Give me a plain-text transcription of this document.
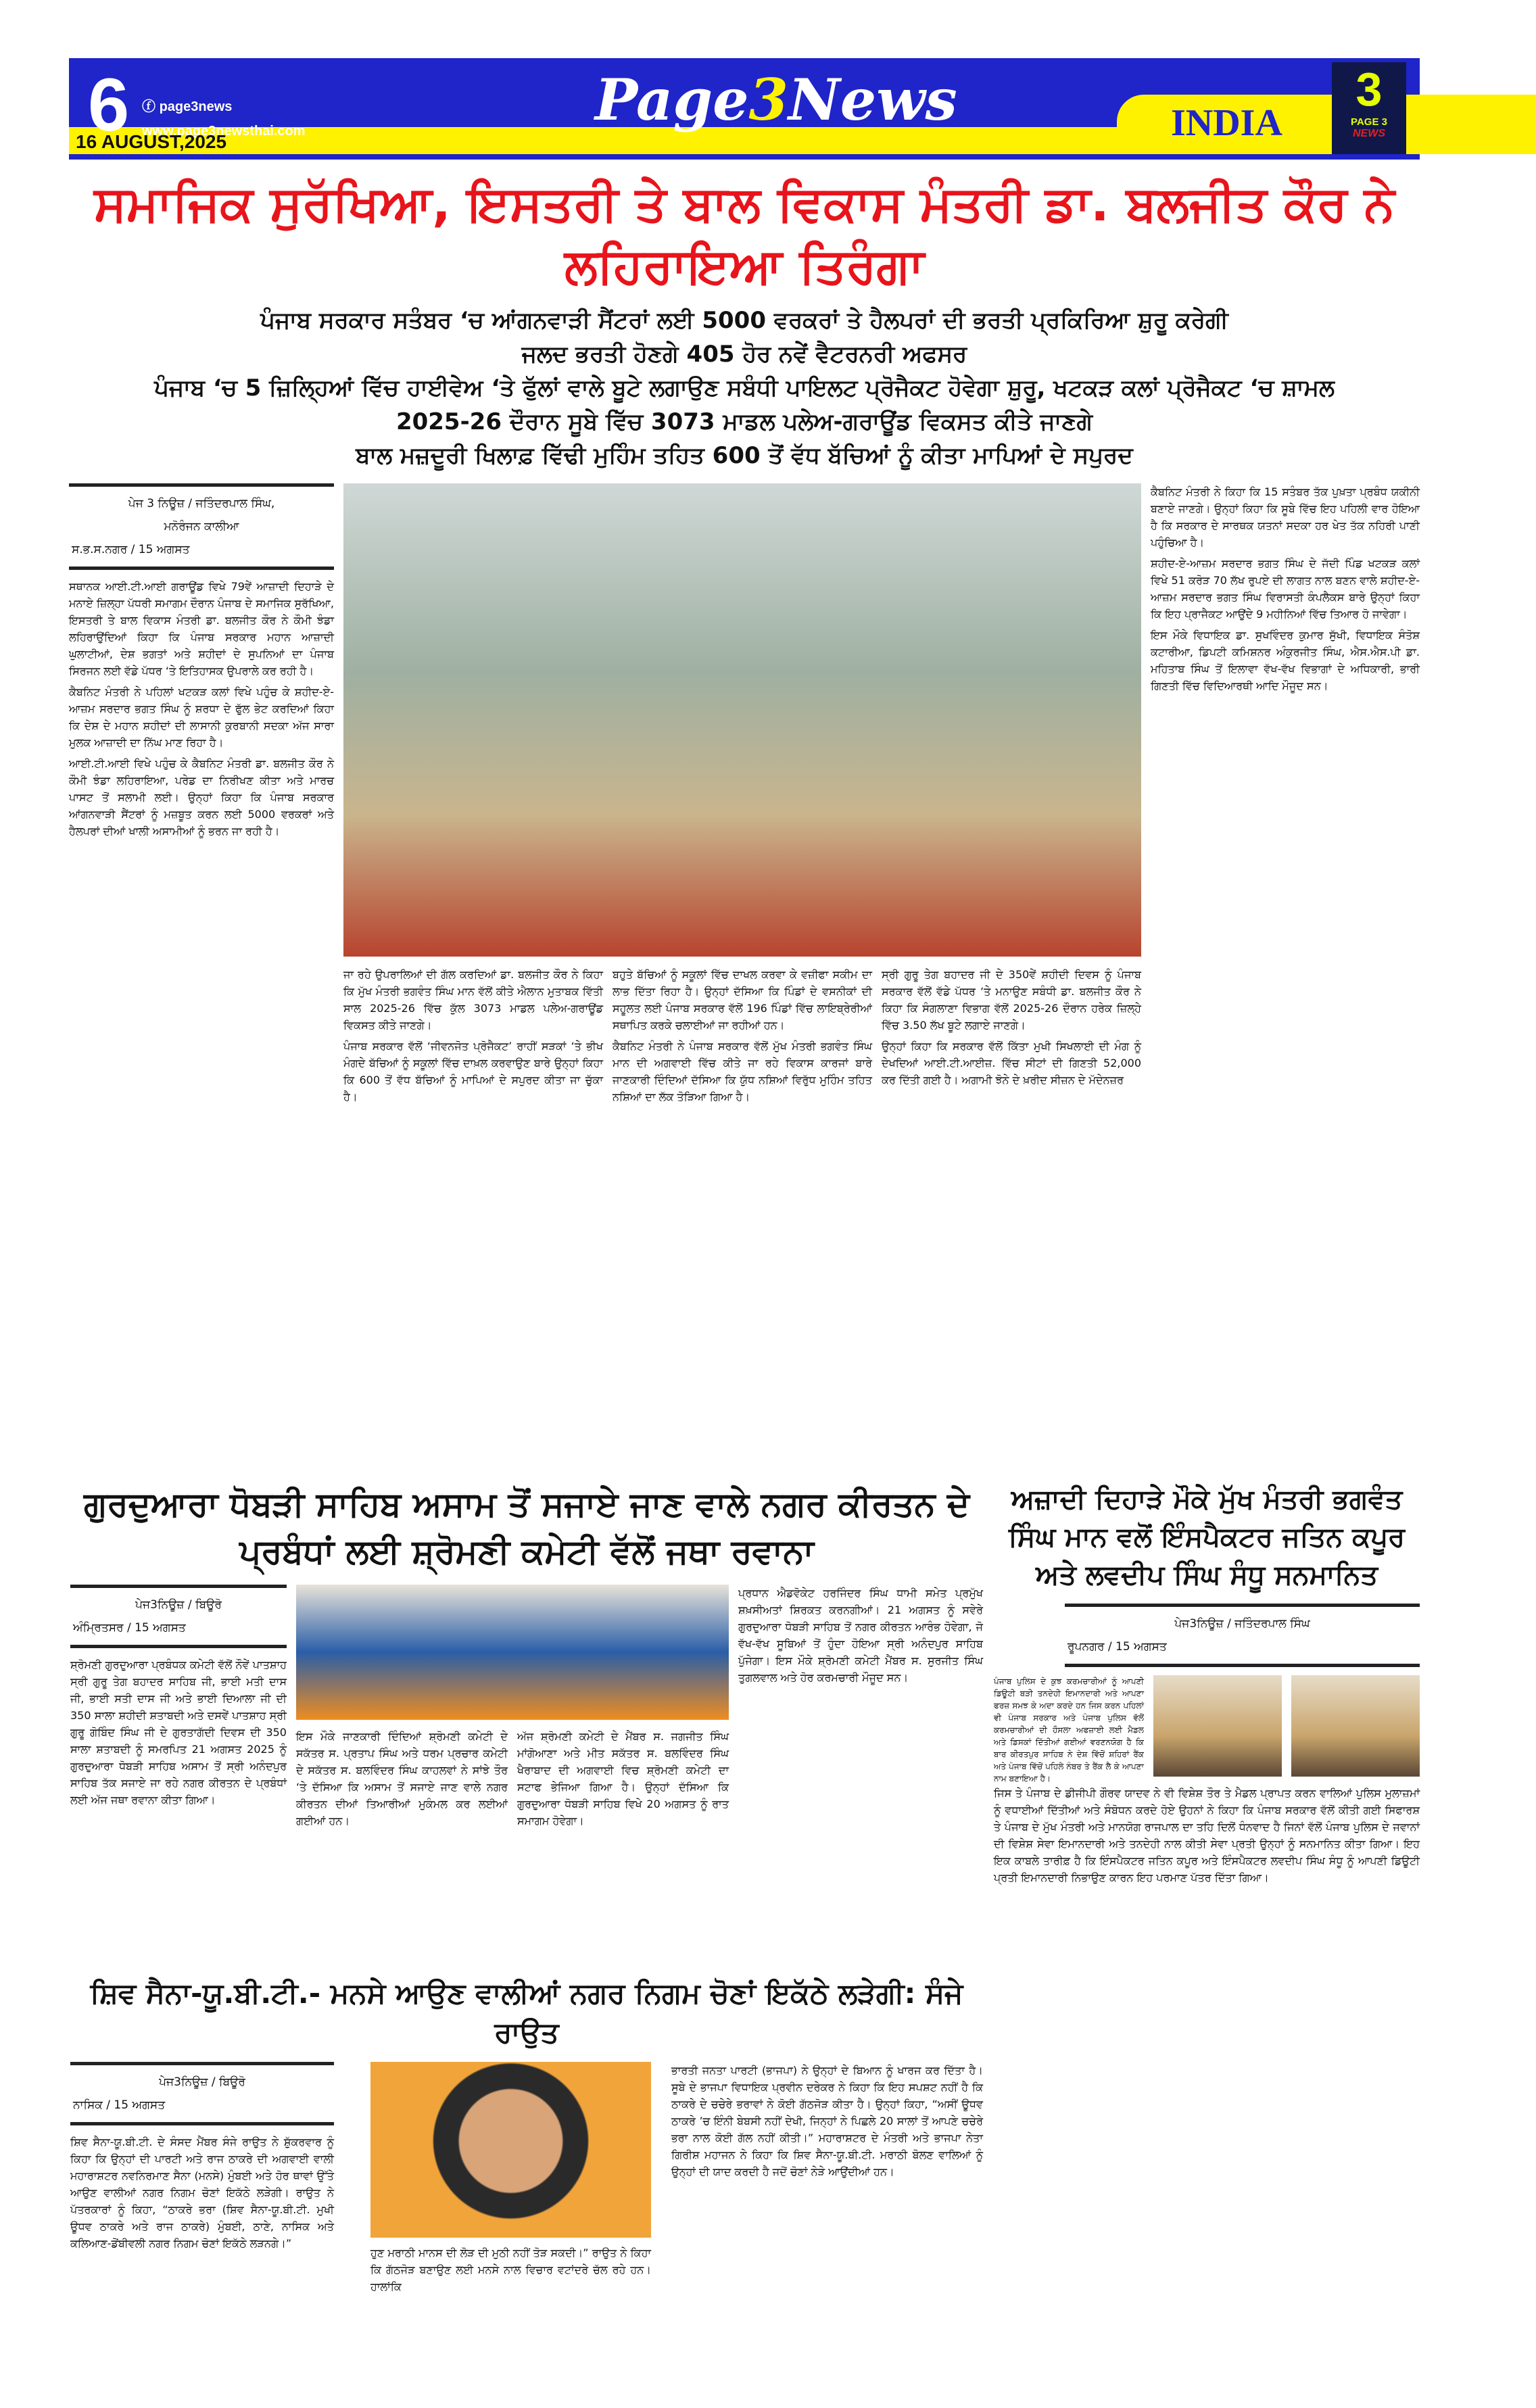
6 ⓕ page3news
www.page3newsthai.com
16 AUGUST,2025
Page3News	INDIA
3
PAGE 3
NEWS
ਸਮਾਜਿਕ ਸੁਰੱਖਿਆ, ਇਸਤਰੀ ਤੇ ਬਾਲ ਵਿਕਾਸ ਮੰਤਰੀ ਡਾ. ਬਲਜੀਤ ਕੌਰ ਨੇ ਲਹਿਰਾਇਆ ਤਿਰੰਗਾ
ਪੰਜਾਬ ਸਰਕਾਰ ਸਤੰਬਰ ‘ਚ ਆਂਗਨਵਾੜੀ ਸੈਂਟਰਾਂ ਲਈ 5000 ਵਰਕਰਾਂ ਤੇ ਹੈਲਪਰਾਂ ਦੀ ਭਰਤੀ ਪ੍ਰਕਿਰਿਆ ਸ਼ੁਰੂ ਕਰੇਗੀ
ਜਲਦ ਭਰਤੀ ਹੋਣਗੇ 405 ਹੋਰ ਨਵੇਂ ਵੈਟਰਨਰੀ ਅਫਸਰ
ਪੰਜਾਬ ‘ਚ 5 ਜ਼ਿਲ੍ਹਿਆਂ ਵਿੱਚ ਹਾਈਵੇਅ ‘ਤੇ ਫੁੱਲਾਂ ਵਾਲੇ ਬੂਟੇ ਲਗਾਉਣ ਸਬੰਧੀ ਪਾਇਲਟ ਪ੍ਰੋਜੈਕਟ ਹੋਵੇਗਾ ਸ਼ੁਰੂ, ਖਟਕੜ ਕਲਾਂ ਪ੍ਰੋਜੈਕਟ ‘ਚ ਸ਼ਾਮਲ
2025-26 ਦੌਰਾਨ ਸੂਬੇ ਵਿੱਚ 3073 ਮਾਡਲ ਪਲੇਅ-ਗਰਾਊਂਡ ਵਿਕਸਤ ਕੀਤੇ ਜਾਣਗੇ
ਬਾਲ ਮਜ਼ਦੂਰੀ ਖਿਲਾਫ਼ ਵਿੱਢੀ ਮੁਹਿੰਮ ਤਹਿਤ 600 ਤੋਂ ਵੱਧ ਬੱਚਿਆਂ ਨੂੰ ਕੀਤਾ ਮਾਪਿਆਂ ਦੇ ਸਪੁਰਦ
ਪੇਜ 3 ਨਿਊਜ਼ / ਜਤਿੰਦਰਪਾਲ ਸਿੰਘ,
ਮਨੋਰੰਜਨ ਕਾਲੀਆ
ਸ.ਭ.ਸ.ਨਗਰ / 15 ਅਗਸਤ

ਸਥਾਨਕ ਆਈ.ਟੀ.ਆਈ ਗਰਾਊਂਡ ਵਿਖੇ 79ਵੇਂ ਆਜ਼ਾਦੀ ਦਿਹਾੜੇ ਦੇ ਮਨਾਏ ਜ਼ਿਲ੍ਹਾ ਪੱਧਰੀ ਸਮਾਗਮ ਦੌਰਾਨ ਪੰਜਾਬ ਦੇ ਸਮਾਜਿਕ ਸੁਰੱਖਿਆ, ਇਸਤਰੀ ਤੇ ਬਾਲ ਵਿਕਾਸ ਮੰਤਰੀ ਡਾ. ਬਲਜੀਤ ਕੌਰ ਨੇ ਕੌਮੀ ਝੰਡਾ ਲਹਿਰਾਉਂਦਿਆਂ ਕਿਹਾ ਕਿ ਪੰਜਾਬ ਸਰਕਾਰ ਮਹਾਨ ਆਜ਼ਾਦੀ ਘੁਲਾਟੀਆਂ, ਦੇਸ਼ ਭਗਤਾਂ ਅਤੇ ਸ਼ਹੀਦਾਂ ਦੇ ਸੁਪਨਿਆਂ ਦਾ ਪੰਜਾਬ ਸਿਰਜਨ ਲਈ ਵੱਡੇ ਪੱਧਰ ‘ਤੇ ਇਤਿਹਾਸਕ ਉਪਰਾਲੇ ਕਰ ਰਹੀ ਹੈ।

ਕੈਬਨਿਟ ਮੰਤਰੀ ਨੇ ਪਹਿਲਾਂ ਖਟਕੜ ਕਲਾਂ ਵਿਖੇ ਪਹੁੰਚ ਕੇ ਸ਼ਹੀਦ-ਏ-ਆਜ਼ਮ ਸਰਦਾਰ ਭਗਤ ਸਿੰਘ ਨੂੰ ਸ਼ਰਧਾ ਦੇ ਫੁੱਲ ਭੇਟ ਕਰਦਿਆਂ ਕਿਹਾ ਕਿ ਦੇਸ਼ ਦੇ ਮਹਾਨ ਸ਼ਹੀਦਾਂ ਦੀ ਲਾਸਾਨੀ ਕੁਰਬਾਨੀ ਸਦਕਾ ਅੱਜ ਸਾਰਾ ਮੁਲਕ ਆਜ਼ਾਦੀ ਦਾ ਨਿੱਘ ਮਾਣ ਰਿਹਾ ਹੈ।

ਆਈ.ਟੀ.ਆਈ ਵਿਖੇ ਪਹੁੰਚ ਕੇ ਕੈਬਨਿਟ ਮੰਤਰੀ ਡਾ. ਬਲਜੀਤ ਕੌਰ ਨੇ ਕੌਮੀ ਝੰਡਾ ਲਹਿਰਾਇਆ, ਪਰੇਡ ਦਾ ਨਿਰੀਖਣ ਕੀਤਾ ਅਤੇ ਮਾਰਚ ਪਾਸਟ ਤੋਂ ਸਲਾਮੀ ਲਈ। ਉਨ੍ਹਾਂ ਕਿਹਾ ਕਿ ਪੰਜਾਬ ਸਰਕਾਰ ਆਂਗਨਵਾੜੀ ਸੈਂਟਰਾਂ ਨੂੰ ਮਜ਼ਬੂਤ ਕਰਨ ਲਈ 5000 ਵਰਕਰਾਂ ਅਤੇ ਹੈਲਪਰਾਂ ਦੀਆਂ ਖਾਲੀ ਅਸਾਮੀਆਂ ਨੂੰ ਭਰਨ ਜਾ ਰਹੀ ਹੈ।

ਜਾ ਰਹੇ ਉਪਰਾਲਿਆਂ ਦੀ ਗੱਲ ਕਰਦਿਆਂ ਡਾ. ਬਲਜੀਤ ਕੌਰ ਨੇ ਕਿਹਾ ਕਿ ਮੁੱਖ ਮੰਤਰੀ ਭਗਵੰਤ ਸਿੰਘ ਮਾਨ ਵੱਲੋਂ ਕੀਤੇ ਐਲਾਨ ਮੁਤਾਬਕ ਵਿੱਤੀ ਸਾਲ 2025-26 ਵਿੱਚ ਕੁੱਲ 3073 ਮਾਡਲ ਪਲੇਅ-ਗਰਾਊਂਡ ਵਿਕਸਤ ਕੀਤੇ ਜਾਣਗੇ।

ਪੰਜਾਬ ਸਰਕਾਰ ਵੱਲੋਂ ‘ਜੀਵਨਜੋਤ ਪ੍ਰੋਜੈਕਟ’ ਰਾਹੀਂ ਸੜਕਾਂ ‘ਤੇ ਭੀਖ ਮੰਗਦੇ ਬੱਚਿਆਂ ਨੂੰ ਸਕੂਲਾਂ ਵਿੱਚ ਦਾਖ਼ਲ ਕਰਵਾਉਣ ਬਾਰੇ ਉਨ੍ਹਾਂ ਕਿਹਾ ਕਿ 600 ਤੋਂ ਵੱਧ ਬੱਚਿਆਂ ਨੂੰ ਮਾਪਿਆਂ ਦੇ ਸਪੁਰਦ ਕੀਤਾ ਜਾ ਚੁੱਕਾ ਹੈ।

ਬਹੁਤੇ ਬੱਚਿਆਂ ਨੂੰ ਸਕੂਲਾਂ ਵਿੱਚ ਦਾਖਲ ਕਰਵਾ ਕੇ ਵਜ਼ੀਫਾ ਸਕੀਮ ਦਾ ਲਾਭ ਦਿੱਤਾ ਰਿਹਾ ਹੈ। ਉਨ੍ਹਾਂ ਦੱਸਿਆ ਕਿ ਪਿੰਡਾਂ ਦੇ ਵਸਨੀਕਾਂ ਦੀ ਸਹੂਲਤ ਲਈ ਪੰਜਾਬ ਸਰਕਾਰ ਵੱਲੋਂ 196 ਪਿੰਡਾਂ ਵਿੱਚ ਲਾਇਬ੍ਰੇਰੀਆਂ ਸਥਾਪਿਤ ਕਰਕੇ ਚਲਾਈਆਂ ਜਾ ਰਹੀਆਂ ਹਨ।

ਕੈਬਨਿਟ ਮੰਤਰੀ ਨੇ ਪੰਜਾਬ ਸਰਕਾਰ ਵੱਲੋਂ ਮੁੱਖ ਮੰਤਰੀ ਭਗਵੰਤ ਸਿੰਘ ਮਾਨ ਦੀ ਅਗਵਾਈ ਵਿੱਚ ਕੀਤੇ ਜਾ ਰਹੇ ਵਿਕਾਸ ਕਾਰਜਾਂ ਬਾਰੇ ਜਾਣਕਾਰੀ ਦਿੰਦਿਆਂ ਦੱਸਿਆ ਕਿ ਯੁੱਧ ਨਸ਼ਿਆਂ ਵਿਰੁੱਧ ਮੁਹਿੰਮ ਤਹਿਤ ਨਸ਼ਿਆਂ ਦਾ ਲੱਕ ਤੋੜਿਆ ਗਿਆ ਹੈ।

ਸ੍ਰੀ ਗੁਰੂ ਤੇਗ ਬਹਾਦਰ ਜੀ ਦੇ 350ਵੇਂ ਸ਼ਹੀਦੀ ਦਿਵਸ ਨੂੰ ਪੰਜਾਬ ਸਰਕਾਰ ਵੱਲੋਂ ਵੱਡੇ ਪੱਧਰ ‘ਤੇ ਮਨਾਉਣ ਸਬੰਧੀ ਡਾ. ਬਲਜੀਤ ਕੌਰ ਨੇ ਕਿਹਾ ਕਿ ਸੰਗਲਾਣਾ ਵਿਭਾਗ ਵੱਲੋਂ 2025-26 ਦੌਰਾਨ ਹਰੇਕ ਜ਼ਿਲ੍ਹੇ ਵਿੱਚ 3.50 ਲੱਖ ਬੂਟੇ ਲਗਾਏ ਜਾਣਗੇ।

ਉਨ੍ਹਾਂ ਕਿਹਾ ਕਿ ਸਰਕਾਰ ਵੱਲੋਂ ਕਿੱਤਾ ਮੁਖੀ ਸਿਖਲਾਈ ਦੀ ਮੰਗ ਨੂੰ ਦੇਖਦਿਆਂ ਆਈ.ਟੀ.ਆਈਜ਼. ਵਿੱਚ ਸੀਟਾਂ ਦੀ ਗਿਣਤੀ 52,000 ਕਰ ਦਿੱਤੀ ਗਈ ਹੈ। ਅਗਾਮੀ ਝੋਨੇ ਦੇ ਖ਼ਰੀਦ ਸੀਜ਼ਨ ਦੇ ਮੱਦੇਨਜ਼ਰ

ਕੈਬਨਿਟ ਮੰਤਰੀ ਨੇ ਕਿਹਾ ਕਿ 15 ਸਤੰਬਰ ਤੱਕ ਪੁਖ਼ਤਾ ਪ੍ਰਬੰਧ ਯਕੀਨੀ ਬਣਾਏ ਜਾਣਗੇ। ਉਨ੍ਹਾਂ ਕਿਹਾ ਕਿ ਸੂਬੇ ਵਿੱਚ ਇਹ ਪਹਿਲੀ ਵਾਰ ਹੋਇਆ ਹੈ ਕਿ ਸਰਕਾਰ ਦੇ ਸਾਰਥਕ ਯਤਨਾਂ ਸਦਕਾ ਹਰ ਖੇਤ ਤੱਕ ਨਹਿਰੀ ਪਾਣੀ ਪਹੁੰਚਿਆ ਹੈ।

ਸ਼ਹੀਦ-ਏ-ਆਜ਼ਮ ਸਰਦਾਰ ਭਗਤ ਸਿੰਘ ਦੇ ਜੱਦੀ ਪਿੰਡ ਖਟਕੜ ਕਲਾਂ ਵਿਖੇ 51 ਕਰੋੜ 70 ਲੱਖ ਰੁਪਏ ਦੀ ਲਾਗਤ ਨਾਲ ਬਣਨ ਵਾਲੇ ਸ਼ਹੀਦ-ਏ-ਆਜ਼ਮ ਸਰਦਾਰ ਭਗਤ ਸਿੰਘ ਵਿਰਾਸਤੀ ਕੰਪਲੈਕਸ ਬਾਰੇ ਉਨ੍ਹਾਂ ਕਿਹਾ ਕਿ ਇਹ ਪ੍ਰਾਜੈਕਟ ਆਉਂਦੇ 9 ਮਹੀਨਿਆਂ ਵਿੱਚ ਤਿਆਰ ਹੋ ਜਾਵੇਗਾ।

ਇਸ ਮੌਕੇ ਵਿਧਾਇਕ ਡਾ. ਸੁਖਵਿੰਦਰ ਕੁਮਾਰ ਸੁੱਖੀ, ਵਿਧਾਇਕ ਸੰਤੋਸ਼ ਕਟਾਰੀਆ, ਡਿਪਟੀ ਕਮਿਸ਼ਨਰ ਅੰਕੁਰਜੀਤ ਸਿੰਘ, ਐਸ.ਐਸ.ਪੀ ਡਾ. ਮਹਿਤਾਬ ਸਿੰਘ ਤੋਂ ਇਲਾਵਾ ਵੱਖ-ਵੱਖ ਵਿਭਾਗਾਂ ਦੇ ਅਧਿਕਾਰੀ, ਭਾਰੀ ਗਿਣਤੀ ਵਿੱਚ ਵਿਦਿਆਰਥੀ ਆਦਿ ਮੌਜੂਦ ਸਨ।

ਗੁਰਦੁਆਰਾ ਧੋਬੜੀ ਸਾਹਿਬ ਅਸਾਮ ਤੋਂ ਸਜਾਏ ਜਾਣ ਵਾਲੇ ਨਗਰ ਕੀਰਤਨ ਦੇ ਪ੍ਰਬੰਧਾਂ ਲਈ ਸ਼੍ਰੋਮਣੀ ਕਮੇਟੀ ਵੱਲੋਂ ਜਥਾ ਰਵਾਨਾ
ਪੇਜ3ਨਿਊਜ਼ / ਬਿਊਰੋ
ਅੰਮ੍ਰਿਤਸਰ / 15 ਅਗਸਤ
ਸ਼੍ਰੋਮਣੀ ਗੁਰਦੁਆਰਾ ਪ੍ਰਬੰਧਕ ਕਮੇਟੀ ਵੱਲੋਂ ਨੌਵੇਂ ਪਾਤਸ਼ਾਹ ਸ੍ਰੀ ਗੁਰੂ ਤੇਗ ਬਹਾਦਰ ਸਾਹਿਬ ਜੀ, ਭਾਈ ਮਤੀ ਦਾਸ ਜੀ, ਭਾਈ ਸਤੀ ਦਾਸ ਜੀ ਅਤੇ ਭਾਈ ਦਿਆਲਾ ਜੀ ਦੀ 350 ਸਾਲਾ ਸ਼ਹੀਦੀ ਸ਼ਤਾਬਦੀ ਅਤੇ ਦਸਵੇਂ ਪਾਤਸ਼ਾਹ ਸ੍ਰੀ ਗੁਰੂ ਗੋਬਿੰਦ ਸਿੰਘ ਜੀ ਦੇ ਗੁਰਤਾਗੱਦੀ ਦਿਵਸ ਦੀ 350 ਸਾਲਾ ਸ਼ਤਾਬਦੀ ਨੂੰ ਸਮਰਪਿਤ 21 ਅਗਸਤ 2025 ਨੂੰ ਗੁਰਦੁਆਰਾ ਧੋਬੜੀ ਸਾਹਿਬ ਅਸਾਮ ਤੋਂ ਸ੍ਰੀ ਅਨੰਦਪੁਰ ਸਾਹਿਬ ਤੱਕ ਸਜਾਏ ਜਾ ਰਹੇ ਨਗਰ ਕੀਰਤਨ ਦੇ ਪ੍ਰਬੰਧਾਂ ਲਈ ਅੱਜ ਜਥਾ ਰਵਾਨਾ ਕੀਤਾ ਗਿਆ।
ਇਸ ਮੌਕੇ ਜਾਣਕਾਰੀ ਦਿੰਦਿਆਂ ਸ਼੍ਰੋਮਣੀ ਕਮੇਟੀ ਦੇ ਸਕੱਤਰ ਸ. ਪ੍ਰਤਾਪ ਸਿੰਘ ਅਤੇ ਧਰਮ ਪ੍ਰਚਾਰ ਕਮੇਟੀ ਦੇ ਸਕੱਤਰ ਸ. ਬਲਵਿੰਦਰ ਸਿੰਘ ਕਾਹਲਵਾਂ ਨੇ ਸਾਂਝੇ ਤੌਰ ‘ਤੇ ਦੱਸਿਆ ਕਿ ਅਸਾਮ ਤੋਂ ਸਜਾਏ ਜਾਣ ਵਾਲੇ ਨਗਰ ਕੀਰਤਨ ਦੀਆਂ ਤਿਆਰੀਆਂ ਮੁਕੰਮਲ ਕਰ ਲਈਆਂ ਗਈਆਂ ਹਨ।
ਅੱਜ ਸ਼੍ਰੋਮਣੀ ਕਮੇਟੀ ਦੇ ਮੈਂਬਰ ਸ. ਜਗਜੀਤ ਸਿੰਘ ਮਾਂਗੋਆਣਾ ਅਤੇ ਮੀਤ ਸਕੱਤਰ ਸ. ਬਲਵਿੰਦਰ ਸਿੰਘ ਖੈਰਾਬਾਦ ਦੀ ਅਗਵਾਈ ਵਿਚ ਸ਼੍ਰੋਮਣੀ ਕਮੇਟੀ ਦਾ ਸਟਾਫ ਭੇਜਿਆ ਗਿਆ ਹੈ। ਉਨ੍ਹਾਂ ਦੱਸਿਆ ਕਿ ਗੁਰਦੁਆਰਾ ਧੋਬੜੀ ਸਾਹਿਬ ਵਿਖੇ 20 ਅਗਸਤ ਨੂੰ ਰਾਤ ਸਮਾਗਮ ਹੋਵੇਗਾ।
ਪ੍ਰਧਾਨ ਐਡਵੋਕੇਟ ਹਰਜਿੰਦਰ ਸਿੰਘ ਧਾਮੀ ਸਮੇਤ ਪ੍ਰਮੁੱਖ ਸ਼ਖ਼ਸੀਅਤਾਂ ਸ਼ਿਰਕਤ ਕਰਨਗੀਆਂ। 21 ਅਗਸਤ ਨੂੰ ਸਵੇਰੇ ਗੁਰਦੁਆਰਾ ਧੋਬੜੀ ਸਾਹਿਬ ਤੋਂ ਨਗਰ ਕੀਰਤਨ ਆਰੰਭ ਹੋਵੇਗਾ, ਜੋ ਵੱਖ-ਵੱਖ ਸੂਬਿਆਂ ਤੋਂ ਹੁੰਦਾ ਹੋਇਆ ਸ੍ਰੀ ਅਨੰਦਪੁਰ ਸਾਹਿਬ ਪੁੱਜੇਗਾ। ਇਸ ਮੌਕੇ ਸ਼੍ਰੋਮਣੀ ਕਮੇਟੀ ਮੈਂਬਰ ਸ. ਸੁਰਜੀਤ ਸਿੰਘ ਤੁਗਲਵਾਲ ਅਤੇ ਹੋਰ ਕਰਮਚਾਰੀ ਮੌਜੂਦ ਸਨ।
ਅਜ਼ਾਦੀ ਦਿਹਾੜੇ ਮੌਕੇ ਮੁੱਖ ਮੰਤਰੀ ਭਗਵੰਤ ਸਿੰਘ ਮਾਨ ਵਲੋਂ ਇੰਸਪੈਕਟਰ ਜਤਿਨ ਕਪੂਰ ਅਤੇ ਲਵਦੀਪ ਸਿੰਘ ਸੰਧੂ ਸਨਮਾਨਿਤ
ਪੇਜ3ਨਿਊਜ਼ / ਜਤਿੰਦਰਪਾਲ ਸਿੰਘ
ਰੂਪਨਗਰ / 15 ਅਗਸਤ
ਪੰਜਾਬ ਪੁਲਿਸ ਦੇ ਕੁਝ ਕਰਮਚਾਰੀਆਂ ਨੂੰ ਆਪਣੀ ਡਿਊਟੀ ਬੜੀ ਤਨਦੇਹੀ ਇਮਾਨਦਾਰੀ ਅਤੇ ਆਪਣਾ ਫਰਜ਼ ਸਮਝ ਕੇ ਅਦਾ ਕਰਦੇ ਹਨ ਜਿਸ ਕਰਨ ਪਹਿਲਾਂ ਵੀ ਪੰਜਾਬ ਸਰਕਾਰ ਅਤੇ ਪੰਜਾਬ ਪੁਲਿਸ ਵੱਲੋਂ ਕਰਮਚਾਰੀਆਂ ਦੀ ਹੌਸਲਾ ਅਫਜ਼ਾਈ ਲਈ ਮੈਡਲ ਅਤੇ ਡਿਸਕਾਂ ਦਿੱਤੀਆਂ ਗਈਆਂ ਵਰਣਨਯੋਗ ਹੈ ਕਿ ਬਾਰ ਕੀਰਤਪੁਰ ਸਾਹਿਬ ਨੇ ਦੇਸ਼ ਵਿੱਚੋਂ ਸ਼ਹਿਰਾਂ ਰੈਂਕ ਅਤੇ ਪੰਜਾਬ ਵਿੱਚੋਂ ਪਹਿਲੇ ਨੰਬਰ ਤੇ ਰੈਂਕ ਲੈ ਕੇ ਆਪਣਾ ਨਾਮ ਬਣਾਇਆ ਹੈ।
ਜਿਸ ਤੇ ਪੰਜਾਬ ਦੇ ਡੀਜੀਪੀ ਗੌਰਵ ਯਾਦਵ ਨੇ ਵੀ ਵਿਸ਼ੇਸ਼ ਤੌਰ ਤੇ ਮੈਡਲ ਪ੍ਰਾਪਤ ਕਰਨ ਵਾਲਿਆਂ ਪੁਲਿਸ ਮੁਲਾਜ਼ਮਾਂ ਨੂੰ ਵਧਾਈਆਂ ਦਿੱਤੀਆਂ ਅਤੇ ਸੰਬੋਧਨ ਕਰਦੇ ਹੋਏ ਉਹਨਾਂ ਨੇ ਕਿਹਾ ਕਿ ਪੰਜਾਬ ਸਰਕਾਰ ਵੱਲੋਂ ਕੀਤੀ ਗਈ ਸਿਫਾਰਸ਼ ਤੇ ਪੰਜਾਬ ਦੇ ਮੁੱਖ ਮੰਤਰੀ ਅਤੇ ਮਾਨਯੋਗ ਰਾਜਪਾਲ ਦਾ ਤਹਿ ਦਿਲੋਂ ਧੰਨਵਾਦ ਹੈ ਜਿਨਾਂ ਵੱਲੋਂ ਪੰਜਾਬ ਪੁਲਿਸ ਦੇ ਜਵਾਨਾਂ ਦੀ ਵਿਸ਼ੇਸ਼ ਸੇਵਾ ਇਮਾਨਦਾਰੀ ਅਤੇ ਤਨਦੇਹੀ ਨਾਲ ਕੀਤੀ ਸੇਵਾ ਪ੍ਰਤੀ ਉਨ੍ਹਾਂ ਨੂੰ ਸਨਮਾਨਿਤ ਕੀਤਾ ਗਿਆ। ਇਹ ਇਕ ਕਾਬਲੇ ਤਾਰੀਫ਼ ਹੈ ਕਿ ਇੰਸਪੈਕਟਰ ਜਤਿਨ ਕਪੂਰ ਅਤੇ ਇੰਸਪੈਕਟਰ ਲਵਦੀਪ ਸਿੰਘ ਸੰਧੂ ਨੂੰ ਆਪਣੀ ਡਿਊਟੀ ਪ੍ਰਤੀ ਇਮਾਨਦਾਰੀ ਨਿਭਾਉਣ ਕਾਰਨ ਇਹ ਪਰਮਾਣ ਪੱਤਰ ਦਿੱਤਾ ਗਿਆ।
ਸ਼ਿਵ ਸੈਨਾ-ਯੂ.ਬੀ.ਟੀ.- ਮਨਸੇ ਆਉਣ ਵਾਲੀਆਂ ਨਗਰ ਨਿਗਮ ਚੋਣਾਂ ਇਕੱਠੇ ਲੜੇਗੀ: ਸੰਜੇ ਰਾਉਤ
ਪੇਜ3ਨਿਊਜ਼ / ਬਿਊਰੋ
ਨਾਸਿਕ / 15 ਅਗਸਤ
ਸ਼ਿਵ ਸੈਨਾ-ਯੂ.ਬੀ.ਟੀ. ਦੇ ਸੰਸਦ ਮੈਂਬਰ ਸੰਜੇ ਰਾਉਤ ਨੇ ਸ਼ੁੱਕਰਵਾਰ ਨੂੰ ਕਿਹਾ ਕਿ ਉਨ੍ਹਾਂ ਦੀ ਪਾਰਟੀ ਅਤੇ ਰਾਜ ਠਾਕਰੇ ਦੀ ਅਗਵਾਈ ਵਾਲੀ ਮਹਾਰਾਸ਼ਟਰ ਨਵਨਿਰਮਾਣ ਸੈਨਾ (ਮਨਸੇ) ਮੁੰਬਈ ਅਤੇ ਹੋਰ ਥਾਵਾਂ ਉੱਤੇ ਆਉਣ ਵਾਲੀਆਂ ਨਗਰ ਨਿਗਮ ਚੋਣਾਂ ਇਕੱਠੇ ਲੜੇਗੀ। ਰਾਉਤ ਨੇ ਪੱਤਰਕਾਰਾਂ ਨੂੰ ਕਿਹਾ, “ਠਾਕਰੇ ਭਰਾ (ਸ਼ਿਵ ਸੈਨਾ-ਯੂ.ਬੀ.ਟੀ. ਮੁਖੀ ਊਧਵ ਠਾਕਰੇ ਅਤੇ ਰਾਜ ਠਾਕਰੇ) ਮੁੰਬਈ, ਠਾਣੇ, ਨਾਸਿਕ ਅਤੇ ਕਲਿਆਣ-ਡੋਂਬੀਵਲੀ ਨਗਰ ਨਿਗਮ ਚੋਣਾਂ ਇਕੱਠੇ ਲੜਨਗੇ।”
ਹੁਣ ਮਰਾਠੀ ਮਾਨਸ ਦੀ ਲੋੜ ਦੀ ਮੁਠੀ ਨਹੀਂ ਤੋੜ ਸਕਦੀ।” ਰਾਉਤ ਨੇ ਕਿਹਾ ਕਿ ਗੱਠਜੋੜ ਬਣਾਉਣ ਲਈ ਮਨਸੇ ਨਾਲ ਵਿਚਾਰ ਵਟਾਂਦਰੇ ਚੱਲ ਰਹੇ ਹਨ। ਹਾਲਾਂਕਿ
ਭਾਰਤੀ ਜਨਤਾ ਪਾਰਟੀ (ਭਾਜਪਾ) ਨੇ ਉਨ੍ਹਾਂ ਦੇ ਬਿਆਨ ਨੂੰ ਖਾਰਜ ਕਰ ਦਿੱਤਾ ਹੈ। ਸੂਬੇ ਦੇ ਭਾਜਪਾ ਵਿਧਾਇਕ ਪ੍ਰਵੀਨ ਦਰੇਕਰ ਨੇ ਕਿਹਾ ਕਿ ਇਹ ਸਪਸ਼ਟ ਨਹੀਂ ਹੈ ਕਿ ਠਾਕਰੇ ਦੇ ਚਚੇਰੇ ਭਰਾਵਾਂ ਨੇ ਕੋਈ ਗੱਠਜੋੜ ਕੀਤਾ ਹੈ। ਉਨ੍ਹਾਂ ਕਿਹਾ, “ਅਸੀਂ ਊਧਵ ਠਾਕਰੇ ’ਚ ਇੰਨੀ ਬੇਬਸੀ ਨਹੀਂ ਦੇਖੀ, ਜਿਨ੍ਹਾਂ ਨੇ ਪਿਛਲੇ 20 ਸਾਲਾਂ ਤੋਂ ਆਪਣੇ ਚਚੇਰੇ ਭਰਾ ਨਾਲ ਕੋਈ ਗੱਲ ਨਹੀਂ ਕੀਤੀ।” ਮਹਾਰਾਸ਼ਟਰ ਦੇ ਮੰਤਰੀ ਅਤੇ ਭਾਜਪਾ ਨੇਤਾ ਗਿਰੀਸ਼ ਮਹਾਜਨ ਨੇ ਕਿਹਾ ਕਿ ਸ਼ਿਵ ਸੈਨਾ-ਯੂ.ਬੀ.ਟੀ. ਮਰਾਠੀ ਬੋਲਣ ਵਾਲਿਆਂ ਨੂੰ ਉਨ੍ਹਾਂ ਦੀ ਯਾਦ ਕਰਦੀ ਹੈ ਜਦੋਂ ਚੋਣਾਂ ਨੇੜੇ ਆਉਂਦੀਆਂ ਹਨ।
